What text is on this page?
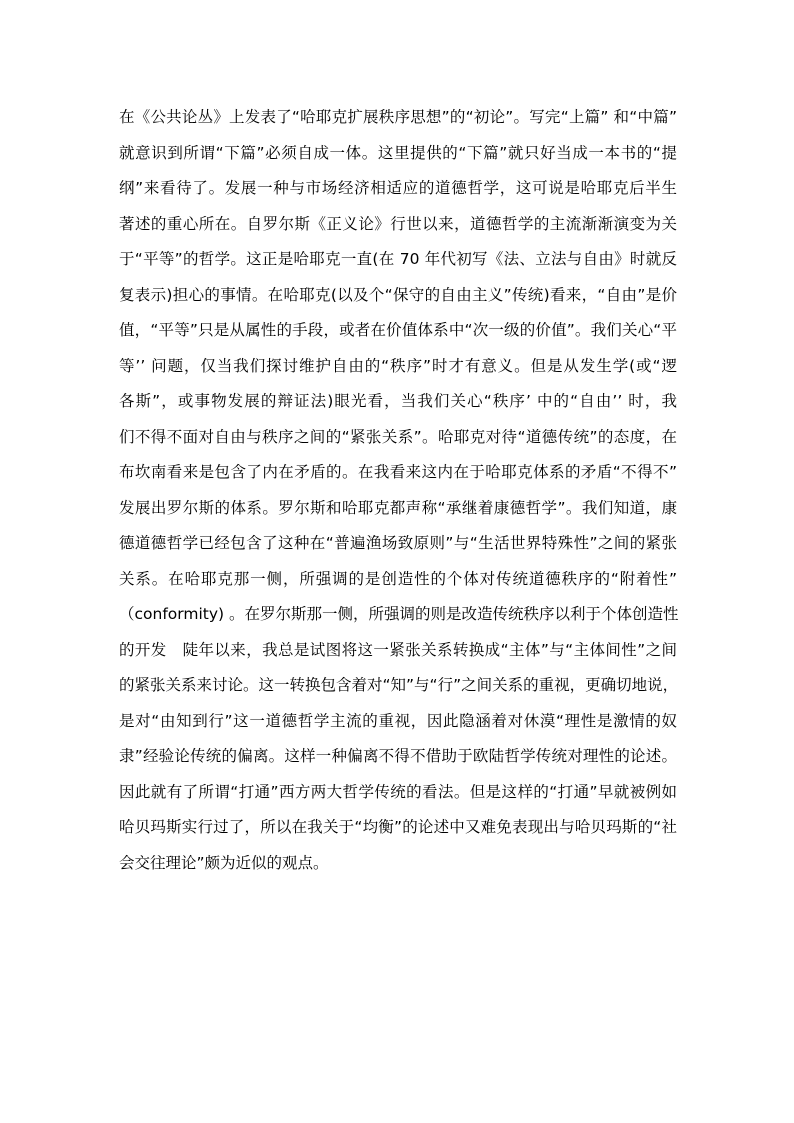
在《公共论丛》上发表了“哈耶克扩展秩序思想”的“初论”。写完“上篇” 和“中篇”
就意识到所谓“下篇”必须自成一体。这里提供的“下篇”就只好当成一本书的“提
纲”来看待了。发展一种与市场经济相适应的道德哲学，这可说是哈耶克后半生
著述的重心所在。自罗尔斯《正义论》行世以来，道德哲学的主流渐渐演变为关
于“平等”的哲学。这正是哈耶克一直(在 70 年代初写《法、立法与自由》时就反
复表示)担心的事情。在哈耶克(以及个“保守的自由主义”传统)看来，“自由”是价
值，“平等”只是从属性的手段，或者在价值体系中“次一级的价值”。我们关心“平
等’’ 问题，仅当我们探讨维护自由的“秩序”时才有意义。但是从发生学(或“逻
各斯”，或事物发展的辩证法)眼光看，当我们关心“秩序’ 中的“自由’’ 时，我
们不得不面对自由与秩序之间的“紧张关系”。哈耶克对待“道德传统”的态度，在
布坎南看来是包含了内在矛盾的。在我看来这内在于哈耶克体系的矛盾“不得不”
发展出罗尔斯的体系。罗尔斯和哈耶克都声称“承继着康德哲学”。我们知道，康
德道德哲学已经包含了这种在“普遍渔场致原则”与“生活世界特殊性”之间的紧张
关系。在哈耶克那一侧，所强调的是创造性的个体对传统道德秩序的“附着性”
（conformity) 。在罗尔斯那一侧，所强调的则是改造传统秩序以利于个体创造性
的开发　陡年以来，我总是试图将这一紧张关系转换成“主体”与“主体间性”之间
的紧张关系来讨论。这一转换包含着对“知”与“行”之间关系的重视，更确切地说，
是对“由知到行”这一道德哲学主流的重视，因此隐涵着对休漠“理性是激情的奴
隶”经验论传统的偏离。这样一种偏离不得不借助于欧陆哲学传统对理性的论述。
因此就有了所谓“打通”西方两大哲学传统的看法。但是这样的“打通”早就被例如
哈贝玛斯实行过了，所以在我关于“均衡”的论述中又难免表现出与哈贝玛斯的“社
会交往理论”颇为近似的观点。
